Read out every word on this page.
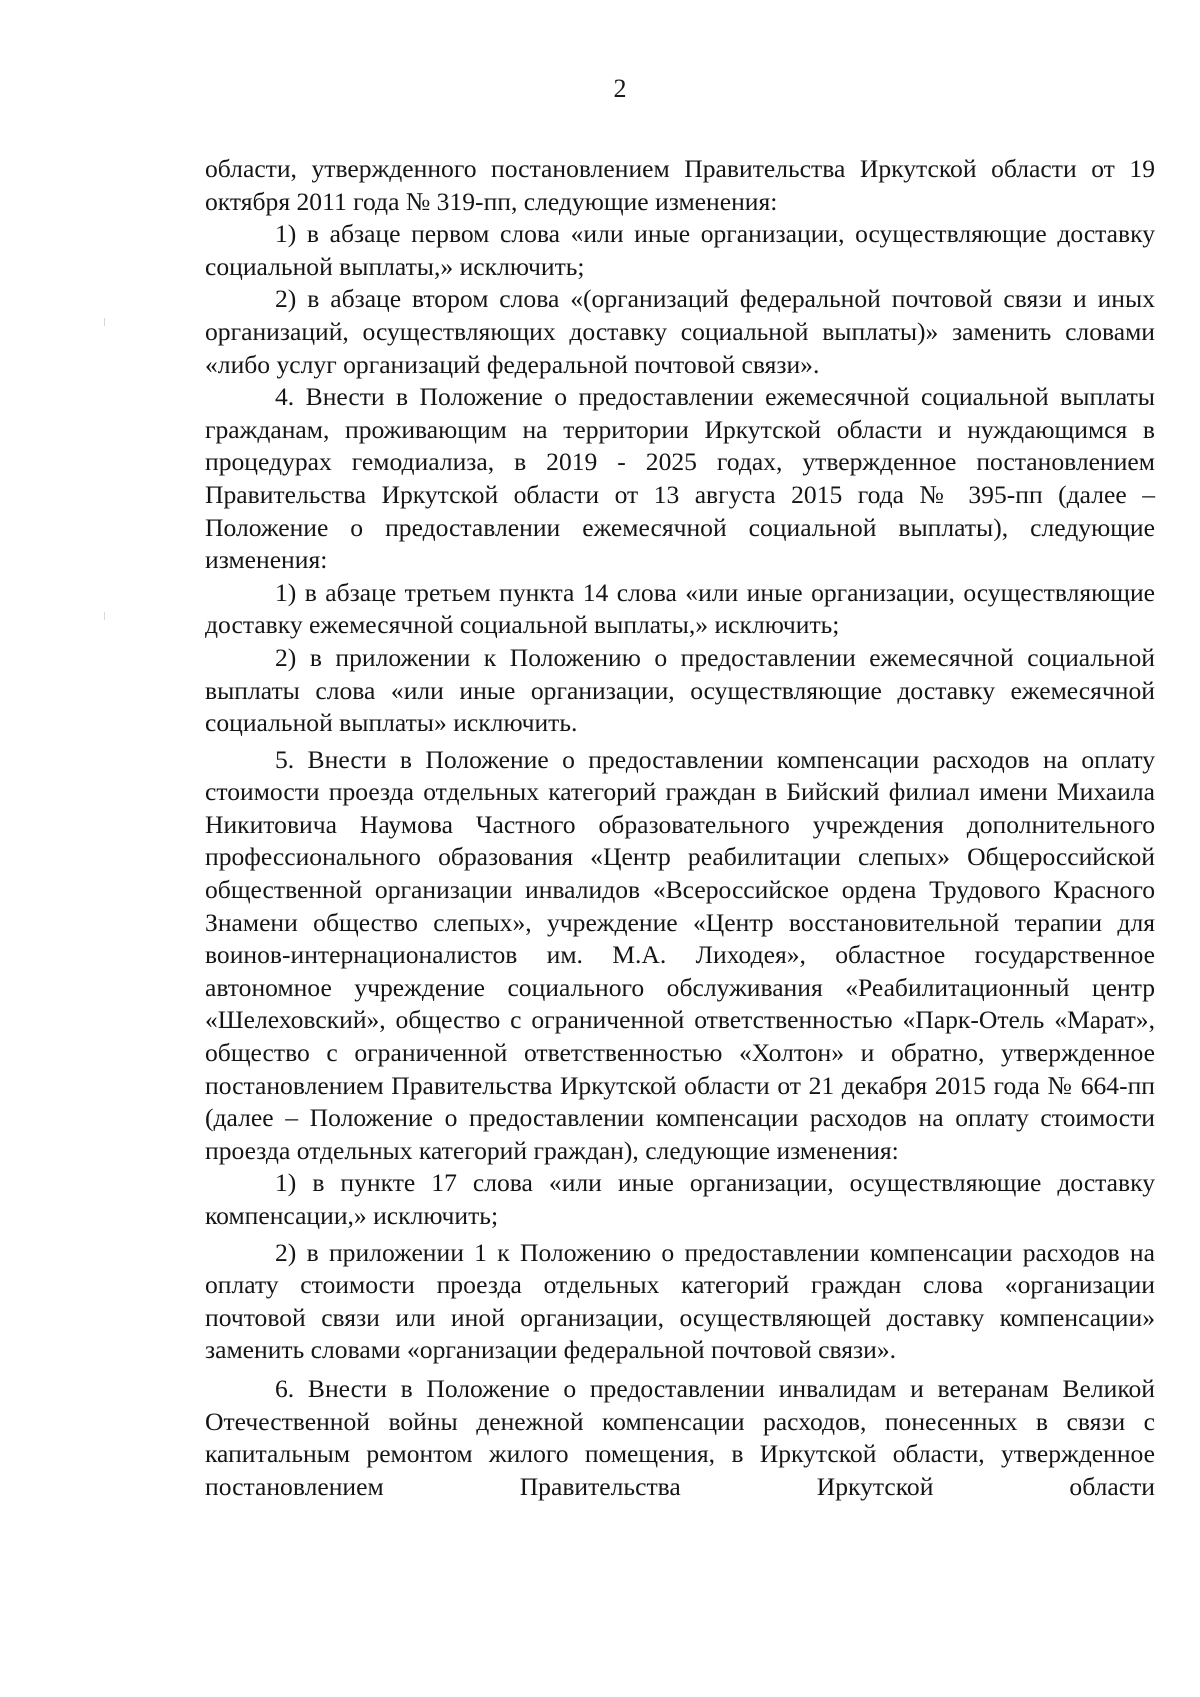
2

области, утвержденного постановлением Правительства Иркутской области от 19 октября 2011 года № 319-пп, следующие изменения:

1) в абзаце первом слова «или иные организации, осуществляющие доставку социальной выплаты,» исключить;

2) в абзаце втором слова «(организаций федеральной почтовой связи и иных организаций, осуществляющих доставку социальной выплаты)» заменить словами «либо услуг организаций федеральной почтовой связи».

4. Внести в Положение о предоставлении ежемесячной социальной выплаты гражданам, проживающим на территории Иркутской области и нуждающимся в процедурах гемодиализа, в 2019 - 2025 годах, утвержденное постановлением Правительства Иркутской области от 13 августа 2015 года № 395-пп (далее – Положение о предоставлении ежемесячной социальной выплаты), следующие изменения:

1) в абзаце третьем пункта 14 слова «или иные организации, осуществляющие доставку ежемесячной социальной выплаты,» исключить;

2) в приложении к Положению о предоставлении ежемесячной социальной выплаты слова «или иные организации, осуществляющие доставку ежемесячной социальной выплаты» исключить.

5. Внести в Положение о предоставлении компенсации расходов на оплату стоимости проезда отдельных категорий граждан в Бийский филиал имени Михаила Никитовича Наумова Частного образовательного учреждения дополнительного профессионального образования «Центр реабилитации слепых» Общероссийской общественной организации инвалидов «Всероссийское ордена Трудового Красного Знамени общество слепых», учреждение «Центр восстановительной терапии для воинов-интернационалистов им. М.А. Лиходея», областное государственное автономное учреждение социального обслуживания «Реабилитационный центр «Шелеховский», общество с ограниченной ответственностью «Парк-Отель «Марат», общество с ограниченной ответственностью «Холтон» и обратно, утвержденное постановлением Правительства Иркутской области от 21 декабря 2015 года № 664-пп (далее – Положение о предоставлении компенсации расходов на оплату стоимости проезда отдельных категорий граждан), следующие изменения:

1) в пункте 17 слова «или иные организации, осуществляющие доставку компенсации,» исключить;

2) в приложении 1 к Положению о предоставлении компенсации расходов на оплату стоимости проезда отдельных категорий граждан слова «организации почтовой связи или иной организации, осуществляющей доставку компенсации» заменить словами «организации федеральной почтовой связи».

6. Внести в Положение о предоставлении инвалидам и ветеранам Великой Отечественной войны денежной компенсации расходов, понесенных в связи с капитальным ремонтом жилого помещения, в Иркутской области, утвержденное постановлением Правительства Иркутской области
